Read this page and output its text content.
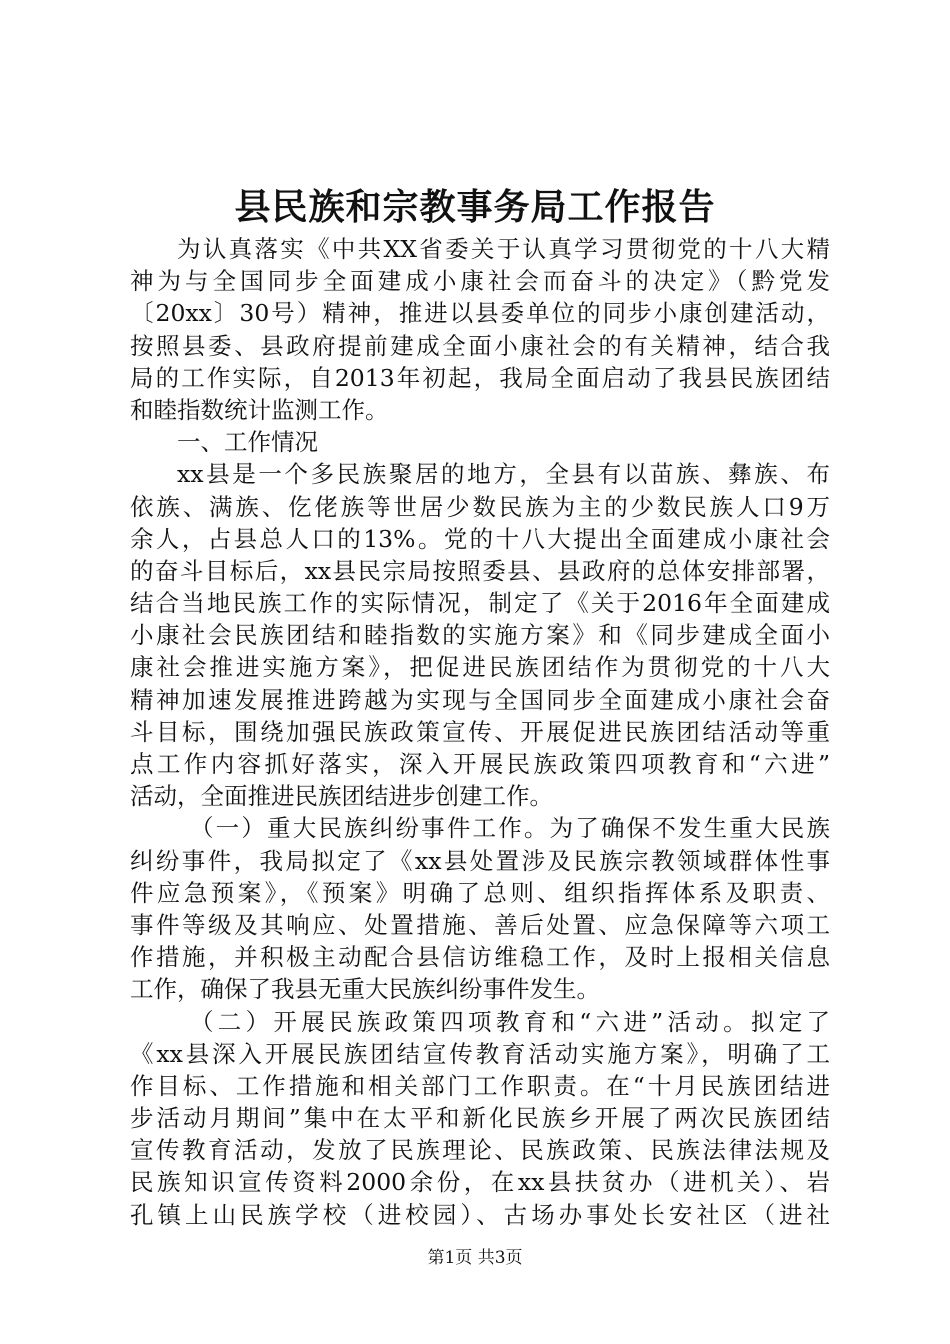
县民族和宗教事务局工作报告
为认真落实《中共XX省委关于认真学习贯彻党的十八大精
神为与全国同步全面建成小康社会而奋斗的决定》（黔党发
〔20xx〕30号）精神，推进以县委单位的同步小康创建活动，
按照县委、县政府提前建成全面小康社会的有关精神，结合我
局的工作实际，自2013年初起，我局全面启动了我县民族团结
和睦指数统计监测工作。
一、工作情况
xx县是一个多民族聚居的地方，全县有以苗族、彝族、布
依族、满族、仡佬族等世居少数民族为主的少数民族人口9万
余人，占县总人口的13%。党的十八大提出全面建成小康社会
的奋斗目标后，xx县民宗局按照委县、县政府的总体安排部署，
结合当地民族工作的实际情况，制定了《关于2016年全面建成
小康社会民族团结和睦指数的实施方案》和《同步建成全面小
康社会推进实施方案》，把促进民族团结作为贯彻党的十八大
精神加速发展推进跨越为实现与全国同步全面建成小康社会奋
斗目标，围绕加强民族政策宣传、开展促进民族团结活动等重
点工作内容抓好落实，深入开展民族政策四项教育和“六进”
活动，全面推进民族团结进步创建工作。
（一）重大民族纠纷事件工作。为了确保不发生重大民族
纠纷事件，我局拟定了《xx县处置涉及民族宗教领域群体性事
件应急预案》，《预案》明确了总则、组织指挥体系及职责、
事件等级及其响应、处置措施、善后处置、应急保障等六项工
作措施，并积极主动配合县信访维稳工作，及时上报相关信息
工作，确保了我县无重大民族纠纷事件发生。
（二）开展民族政策四项教育和“六进”活动。拟定了
《xx县深入开展民族团结宣传教育活动实施方案》，明确了工
作目标、工作措施和相关部门工作职责。在“十月民族团结进
步活动月期间”集中在太平和新化民族乡开展了两次民族团结
宣传教育活动，发放了民族理论、民族政策、民族法律法规及
民族知识宣传资料2000余份，在xx县扶贫办（进机关）、岩
孔镇上山民族学校（进校园）、古场办事处长安社区（进社
第1页 共3页
